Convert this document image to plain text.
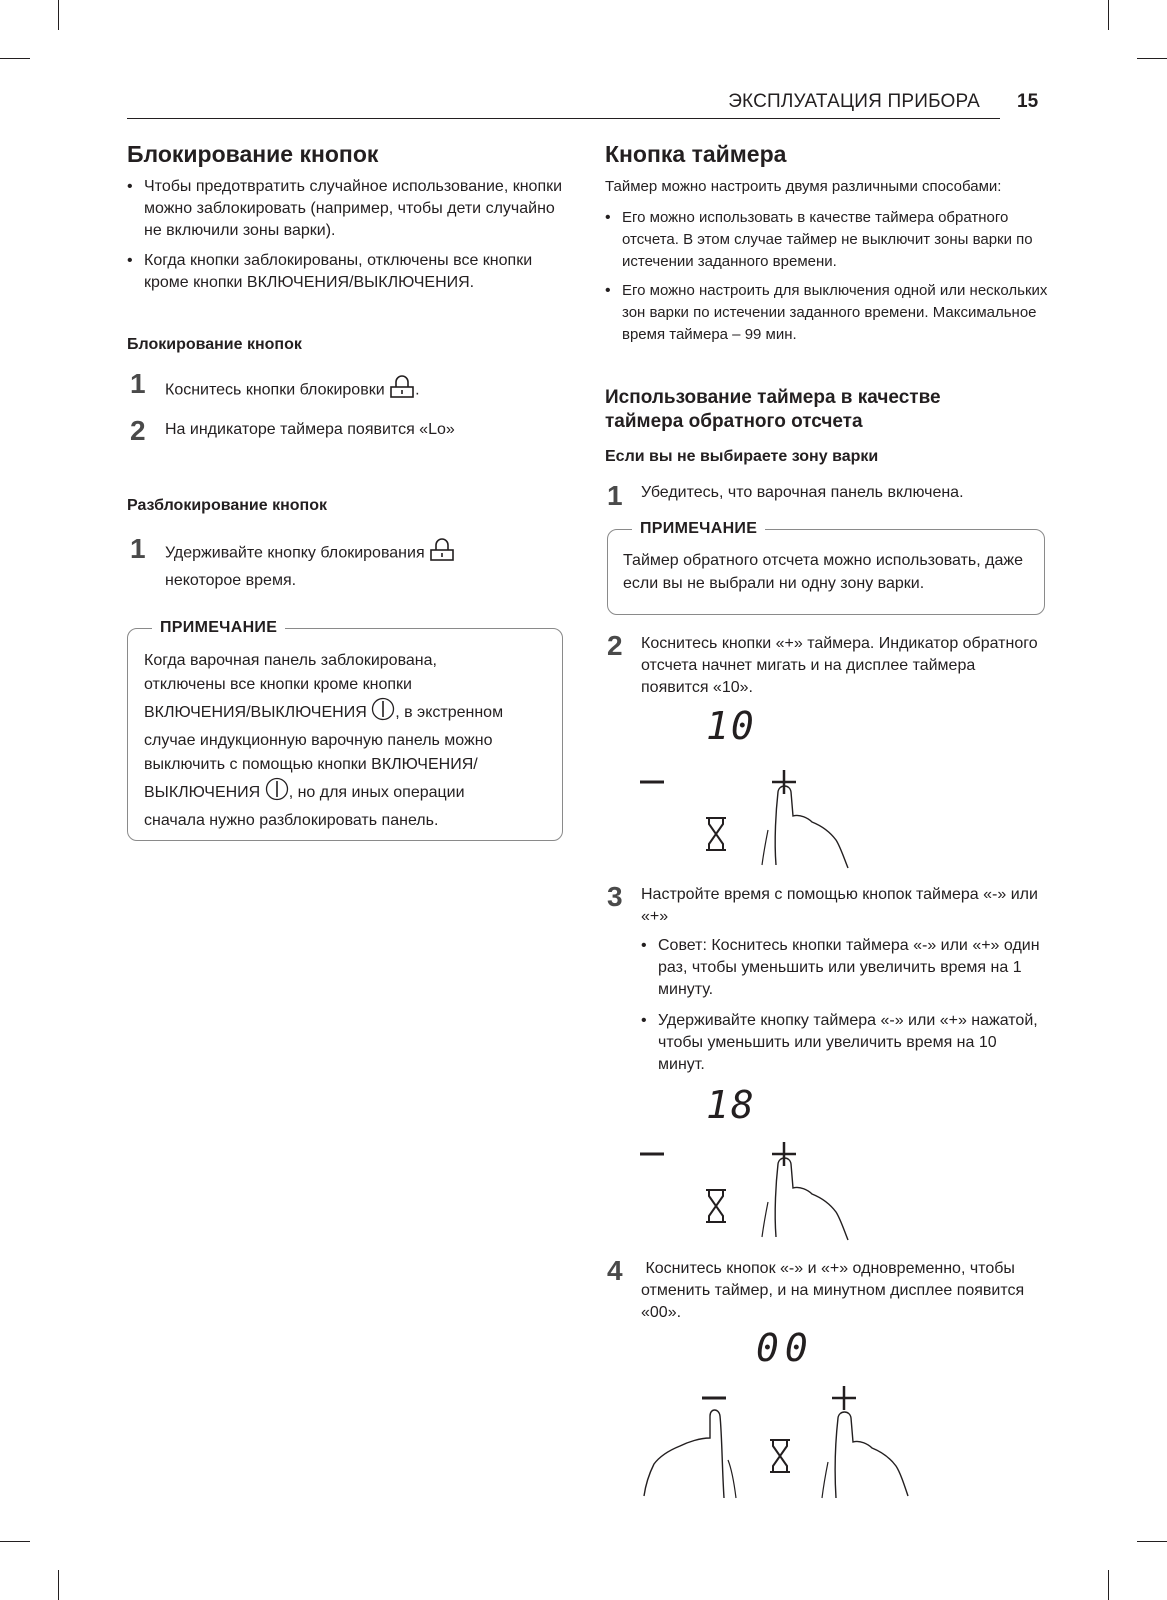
ЭКСПЛУАТАЦИЯ ПРИБОРА 15
Блокирование кнопок
• Чтобы предотвратить случайное использование, кнопки можно заблокировать (например, чтобы дети случайно не включили зоны варки).
• Когда кнопки заблокированы, отключены все кнопки кроме кнопки ВКЛЮЧЕНИЯ/ВЫКЛЮЧЕНИЯ.
Блокирование кнопок
1 Коснитесь кнопки блокировки .
2 На индикаторе таймера появится «Lo»
Разблокирование кнопок
1 Удерживайте кнопку блокирования
некоторое время.
ПРИМЕЧАНИЕ
Когда варочная панель заблокирована,
отключены все кнопки кроме кнопки
ВКЛЮЧЕНИЯ/ВЫКЛЮЧЕНИЯ , в экстренном
случае индукционную варочную панель можно
выключить с помощью кнопки ВКЛЮЧЕНИЯ/
ВЫКЛЮЧЕНИЯ , но для иных операции
сначала нужно разблокировать панель.
Кнопка таймера
Таймер можно настроить двумя различными способами:
• Его можно использовать в качестве таймера обратного отсчета. В этом случае таймер не выключит зоны варки по истечении заданного времени.
• Его можно настроить для выключения одной или нескольких зон варки по истечении заданного времени. Максимальное время таймера – 99 мин.
Использование таймера в качестве
таймера обратного отсчета
Если вы не выбираете зону варки
1 Убедитесь, что варочная панель включена.
ПРИМЕЧАНИЕ
Таймер обратного отсчета можно использовать, даже если вы не выбрали ни одну зону варки.
2 Коснитесь кнопки «+» таймера. Индикатор обратного отсчета начнет мигать и на дисплее таймера появится «10».
10
3 Настройте время с помощью кнопок таймера «-» или «+»
• Совет: Коснитесь кнопки таймера «-» или «+» один раз, чтобы уменьшить или увеличить время на 1 минуту.
• Удерживайте кнопку таймера «-» или «+» нажатой, чтобы уменьшить или увеличить время на 10 минут.
18
4 Коснитесь кнопок «-» и «+» одновременно, чтобы отменить таймер, и на минутном дисплее появится «00».
00
